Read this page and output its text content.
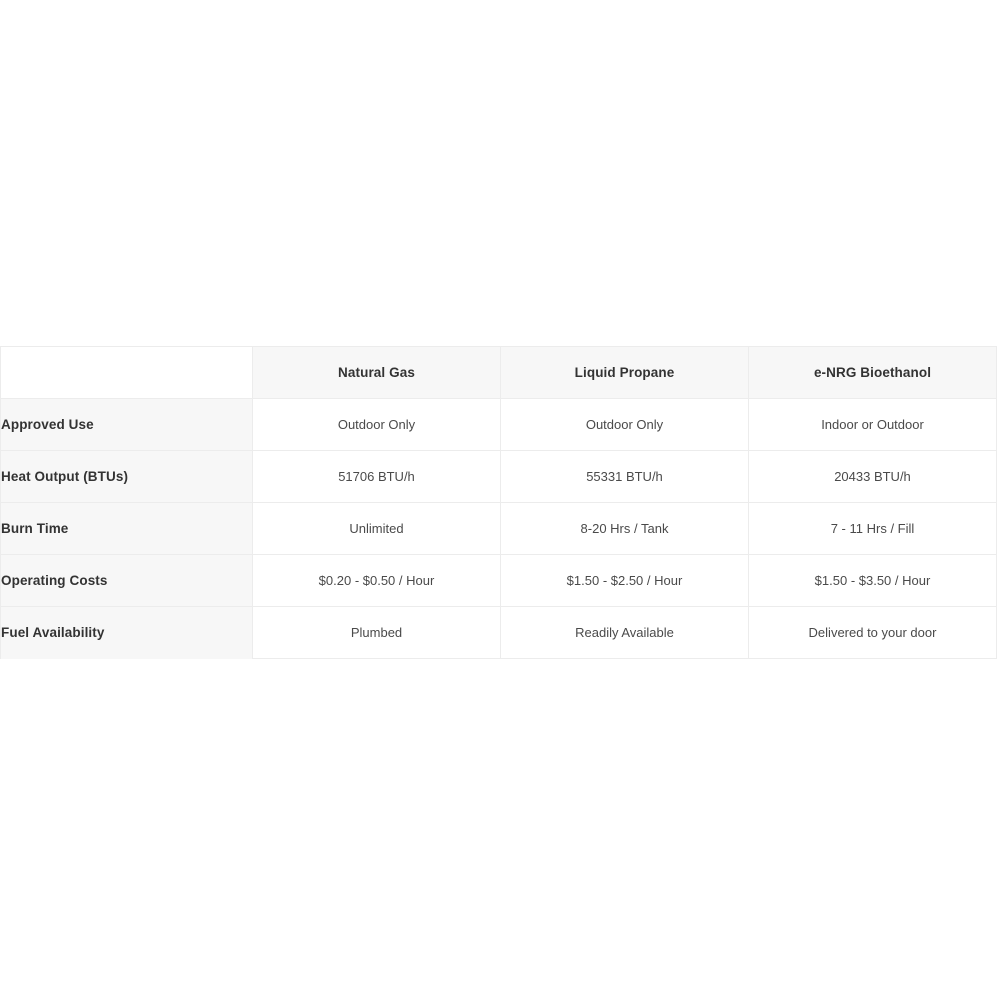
	Natural Gas	Liquid Propane	e-NRG Bioethanol
Approved Use	Outdoor Only	Outdoor Only	Indoor or Outdoor
Heat Output (BTUs)	51706 BTU/h	55331 BTU/h	20433 BTU/h
Burn Time	Unlimited	8-20 Hrs / Tank	7 - 11 Hrs / Fill
Operating Costs	$0.20 - $0.50 / Hour	$1.50 - $2.50 / Hour	$1.50 - $3.50 / Hour
Fuel Availability	Plumbed	Readily Available	Delivered to your door
